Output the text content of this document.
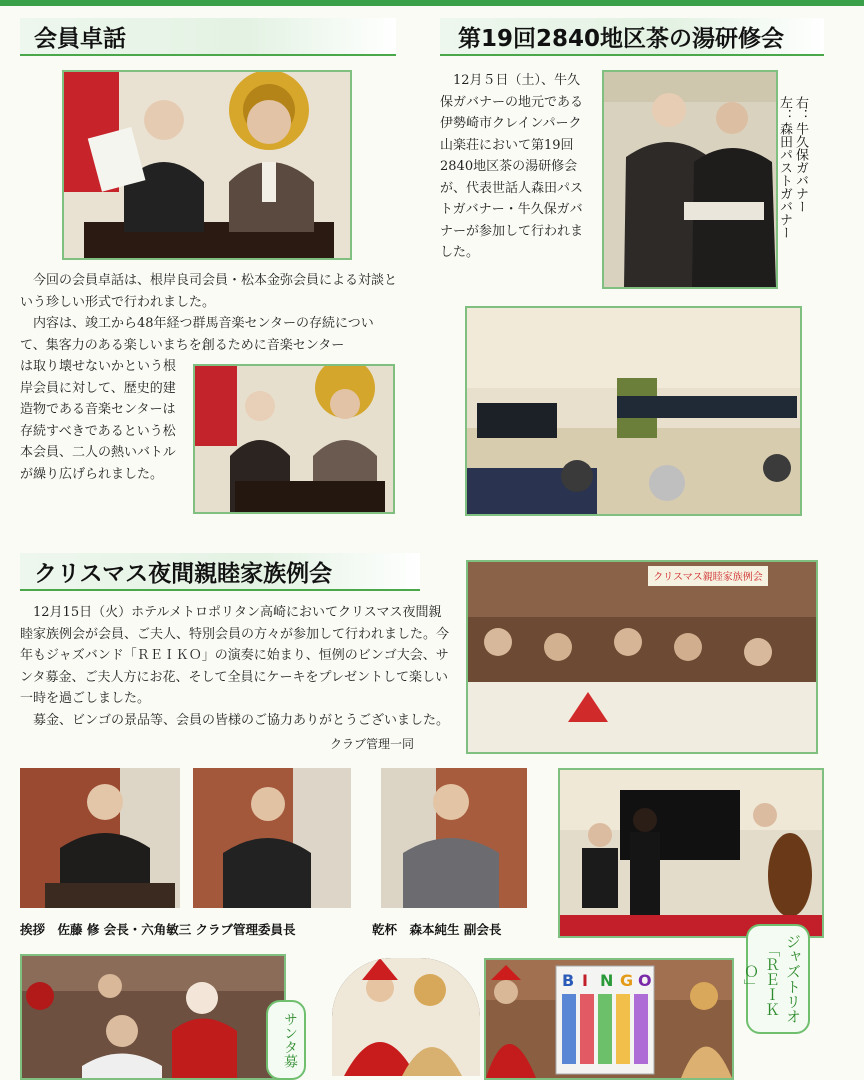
会員卓話
今回の会員卓話は、根岸良司会員・松本金弥会員による対談という珍しい形式で行われました。
内容は、竣工から48年経つ群馬音楽センターの存続について、集客力のある楽しいまちを創るために音楽センター
は取り壊せないかという根岸会員に対して、歴史的建造物である音楽センターは存続すべきであるという松本会員、二人の熱いバトルが繰り広げられました。
第19回2840地区茶の湯研修会
12月５日（土）、牛久保ガバナーの地元である伊勢崎市クレインパーク山楽荘において第19回2840地区茶の湯研修会が、代表世話人森田パストガバナー・牛久保ガバナーが参加して行われました。
右：牛久保ガバナー
左：森田パストガバナー
クリスマス夜間親睦家族例会	クリスマス親睦家族例会
12月15日（火）ホテルメトロポリタン高崎においてクリスマス夜間親睦家族例会が会員、ご夫人、特別会員の方々が参加して行われました。今年もジャズバンド「ＲＥＩＫＯ」の演奏に始まり、恒例のビンゴ大会、サンタ募金、ご夫人方にお花、そして全員にケーキをプレゼントして楽しい一時を過ごしました。
募金、ビンゴの景品等、会員の皆様のご協力ありがとうございました。
クラブ管理一同
挨拶　佐藤 修 会長・六角敏三 クラブ管理委員長	乾杯　森本純生 副会長
ジャズトリオ「ＲＥＩＫＯ」
サンタ募
B I N G O
